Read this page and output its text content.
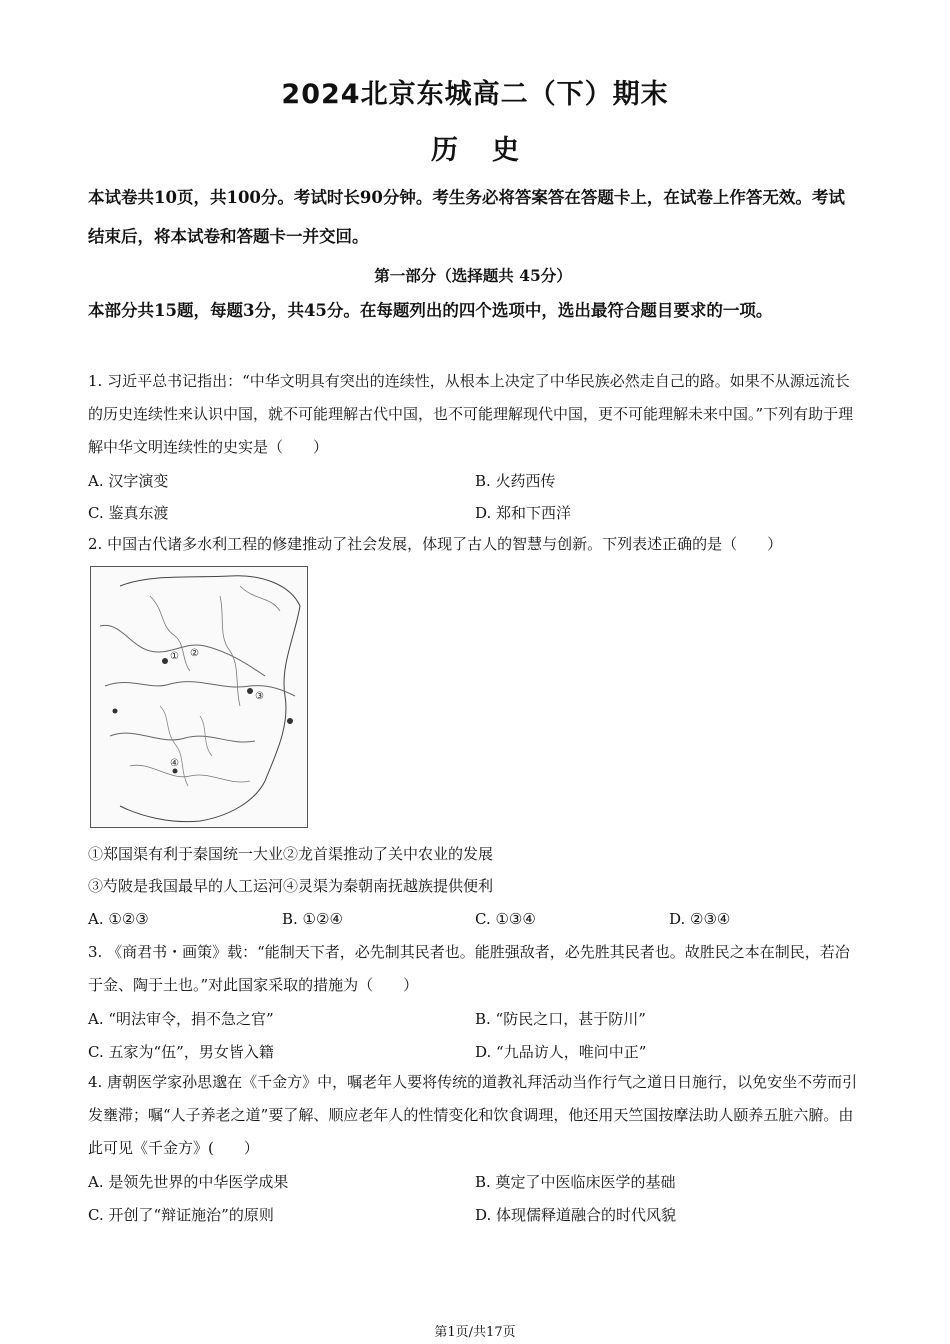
2024北京东城高二（下）期末
历史
本试卷共10页，共100分。考试时长90分钟。考生务必将答案答在答题卡上，在试卷上作答无效。考试结束后，将本试卷和答题卡一并交回。
第一部分（选择题共 45分）
本部分共15题，每题3分，共45分。在每题列出的四个选项中，选出最符合题目要求的一项。
1. 习近平总书记指出：“中华文明具有突出的连续性，从根本上决定了中华民族必然走自己的路。如果不从源远流长的历史连续性来认识中国，就不可能理解古代中国，也不可能理解现代中国，更不可能理解未来中国。”下列有助于理解中华文明连续性的史实是（　　）
A. 汉字演变	B. 火药西传
C. 鉴真东渡	D. 郑和下西洋
2. 中国古代诸多水利工程的修建推动了社会发展，体现了古人的智慧与创新。下列表述正确的是（　　）
① ②
③
④
①郑国渠有利于秦国统一大业②龙首渠推动了关中农业的发展
③芍陂是我国最早的人工运河④灵渠为秦朝南抚越族提供便利
A. ①②③	B. ①②④	C. ①③④	D. ②③④
3. 《商君书・画策》载：“能制天下者，必先制其民者也。能胜强敌者，必先胜其民者也。故胜民之本在制民，若冶于金、陶于土也。”对此国家采取的措施为（　　）
A. “明法审令，捐不急之官”	B. “防民之口，甚于防川”
C. 五家为“伍”，男女皆入籍	D. “九品访人，唯问中正”
4. 唐朝医学家孙思邈在《千金方》中，嘱老年人要将传统的道教礼拜活动当作行气之道日日施行，以免安坐不劳而引发壅滞；嘱“人子养老之道”要了解、顺应老年人的性情变化和饮食调理，他还用天竺国按摩法助人颐养五脏六腑。由此可见《千金方》(　　）
A. 是领先世界的中华医学成果	B. 奠定了中医临床医学的基础
C. 开创了“辩证施治”的原则	D. 体现儒释道融合的时代风貌
第1页/共17页
